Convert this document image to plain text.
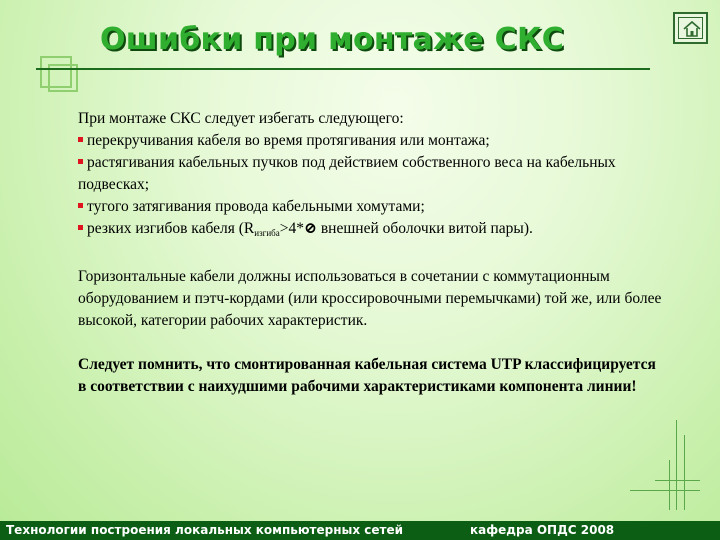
Ошибки при монтаже СКС

При монтаже СКС следует избегать следующего:

перекручивания кабеля во время протягивания или монтажа;

растягивания кабельных пучков под действием собственного веса на кабельных подвесках;

тугого затягивания провода кабельными хомутами;

резких изгибов кабеля ($R_{изгиба}>4*⊘$ внешней оболочки витой пары).

Горизонтальные кабели должны использоваться в сочетании с коммутационным оборудованием и пэтч-кордами (или кроссировочными перемычками) той же, или более высокой, категории рабочих характеристик.

Следует помнить, что смонтированная кабельная система UTP классифицируется в соответствии с наихудшими рабочими характеристиками компонента линии!

Технологии построения локальных компьютерных сетей	кафедра ОПДС 2008
